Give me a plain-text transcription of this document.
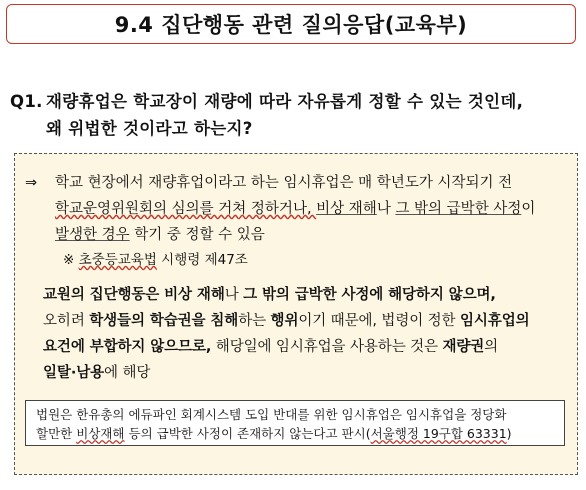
9.4 집단행동 관련 질의응답(교육부)
Q1. 재량휴업은 학교장이 재량에 따라 자유롭게 정할 수 있는 것인데,
왜 위법한 것이라고 하는지?
⇒ 학교 현장에서 재량휴업이라고 하는 임시휴업은 매 학년도가 시작되기 전
학교운영위원회의 심의를 거쳐 정하거나, 비상 재해나 그 밖의 급박한 사정이
발생한 경우 학기 중 정할 수 있음
※ 초중등교육법 시행령 제47조
교원의 집단행동은 비상 재해나 그 밖의 급박한 사정에 해당하지 않으며,
오히려 학생들의 학습권을 침해하는 행위이기 때문에, 법령이 정한 임시휴업의
요건에 부합하지 않으므로, 해당일에 임시휴업을 사용하는 것은 재량권의
일탈·남용에 해당
법원은 한유총의 에듀파인 회계시스템 도입 반대를 위한 임시휴업은 임시휴업을 정당화
할만한 비상재해 등의 급박한 사정이 존재하지 않는다고 판시(서울행정 19구합 63331)
